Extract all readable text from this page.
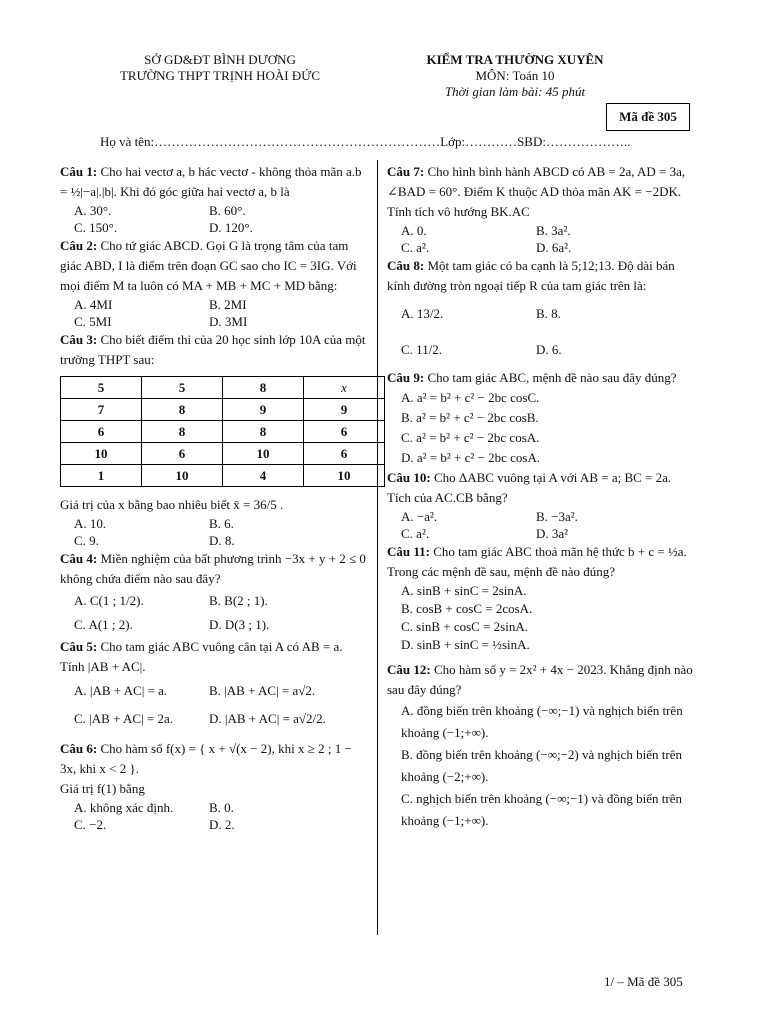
SỞ GD&ĐT BÌNH DƯƠNG
TRƯỜNG THPT TRỊNH HOÀI ĐỨC
KIỂM TRA THƯỜNG XUYÊN
MÔN: Toán 10
Thời gian làm bài: 45 phút
Mã đề 305
Họ và tên:…………………………………………………………Lớp:…………SBD:………………..

Câu 1: Cho hai vectơ a, b hác vectơ - không thỏa mãn a.b = ½|−a|.|b|. Khi đó góc giữa hai vectơ a, b là

A. 30°.	B. 60°.
C. 150°.	D. 120°.

Câu 2: Cho tứ giác ABCD. Gọi G là trọng tâm của tam giác ABD, I là điểm trên đoạn GC sao cho IC = 3IG. Với mọi điểm M ta luôn có MA + MB + MC + MD bằng:

A. 4MI	B. 2MI
C. 5MI	D. 3MI

Câu 3: Cho biết điểm thi của 20 học sinh lớp 10A của một trường THPT sau:

5	5	8	x
7	8	9	9
6	8	8	6
10	6	10	6
1	10	4	10

Giá trị của x bằng bao nhiêu biết x̄ = 36/5 .

A. 10.	B. 6.
C. 9.	D. 8.

Câu 4: Miền nghiệm của bất phương trình −3x + y + 2 ≤ 0 không chứa điểm nào sau đây?

A. C(1 ; 1/2).	B. B(2 ; 1).
C. A(1 ; 2).	D. D(3 ; 1).

Câu 5: Cho tam giác ABC vuông cân tại A có AB = a. Tính |AB + AC|.

A. |AB + AC| = a.	B. |AB + AC| = a√2.
C. |AB + AC| = 2a.	D. |AB + AC| = a√2/2.

Câu 6: Cho hàm số f(x) = { x + √(x − 2), khi x ≥ 2 ; 1 − 3x, khi x < 2 }.

Giá trị f(1) bằng

A. không xác định.	B. 0.
C. −2.	D. 2.

Câu 7: Cho hình bình hành ABCD có AB = 2a, AD = 3a, ∠BAD = 60°. Điểm K thuộc AD thỏa mãn AK = −2DK. Tính tích vô hướng BK.AC

A. 0.	B. 3a².
C. a².	D. 6a².

Câu 8: Một tam giác có ba cạnh là 5;12;13. Độ dài bán kính đường tròn ngoại tiếp R của tam giác trên là:

A. 13/2.	B. 8.
C. 11/2.	D. 6.

Câu 9: Cho tam giác ABC, mệnh đề nào sau đây đúng?

A. a² = b² + c² − 2bc cosC.
B. a² = b² + c² − 2bc cosB.
C. a² = b² + c² − 2bc cosA.
D. a² = b² + c² − 2bc cosA.

Câu 10: Cho ΔABC vuông tại A với AB = a; BC = 2a. Tích của AC.CB bằng?

A. −a².	B. −3a².
C. a².	D. 3a²

Câu 11: Cho tam giác ABC thoả mãn hệ thức b + c = ½a. Trong các mệnh đề sau, mệnh đề nào đúng?

A. sinB + sinC = 2sinA.
B. cosB + cosC = 2cosA.
C. sinB + cosC = 2sinA.
D. sinB + sinC = ½sinA.

Câu 12: Cho hàm số y = 2x² + 4x − 2023. Khẳng định nào sau đây đúng?

A. đồng biến trên khoảng (−∞;−1) và nghịch biến trên khoảng (−1;+∞).
B. đồng biến trên khoảng (−∞;−2) và nghịch biến trên khoảng (−2;+∞).
C. nghịch biến trên khoảng (−∞;−1) và đồng biến trên khoảng (−1;+∞).
1/ – Mã đề 305
